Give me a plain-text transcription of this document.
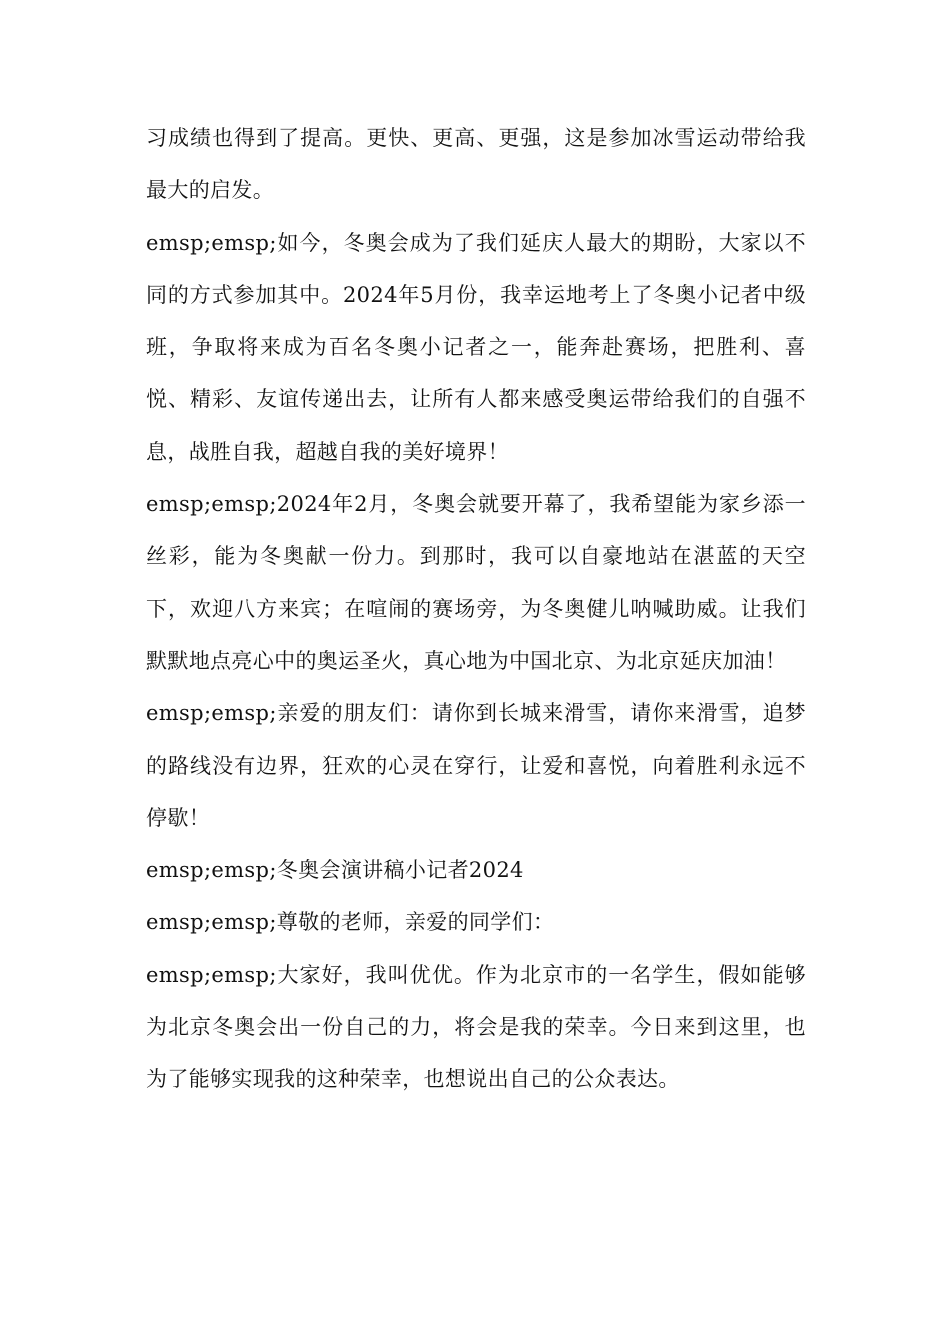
习成绩也得到了提高。更快、更高、更强，这是参加冰雪运动带给我最大的启发。

emsp;emsp;如今，冬奥会成为了我们延庆人最大的期盼，大家以不同的方式参加其中。2024年5月份，我幸运地考上了冬奥小记者中级班，争取将来成为百名冬奥小记者之一，能奔赴赛场，把胜利、喜悦、精彩、友谊传递出去，让所有人都来感受奥运带给我们的自强不息，战胜自我，超越自我的美好境界！

emsp;emsp;2024年2月，冬奥会就要开幕了，我希望能为家乡添一丝彩，能为冬奥献一份力。到那时，我可以自豪地站在湛蓝的天空下，欢迎八方来宾；在喧闹的赛场旁，为冬奥健儿呐喊助威。让我们默默地点亮心中的奥运圣火，真心地为中国北京、为北京延庆加油！

emsp;emsp;亲爱的朋友们：请你到长城来滑雪，请你来滑雪，追梦的路线没有边界，狂欢的心灵在穿行，让爱和喜悦，向着胜利永远不停歇！

emsp;emsp;冬奥会演讲稿小记者2024

emsp;emsp;尊敬的老师，亲爱的同学们：

emsp;emsp;大家好，我叫优优。作为北京市的一名学生，假如能够为北京冬奥会出一份自己的力，将会是我的荣幸。今日来到这里，也为了能够实现我的这种荣幸，也想说出自己的公众表达。
